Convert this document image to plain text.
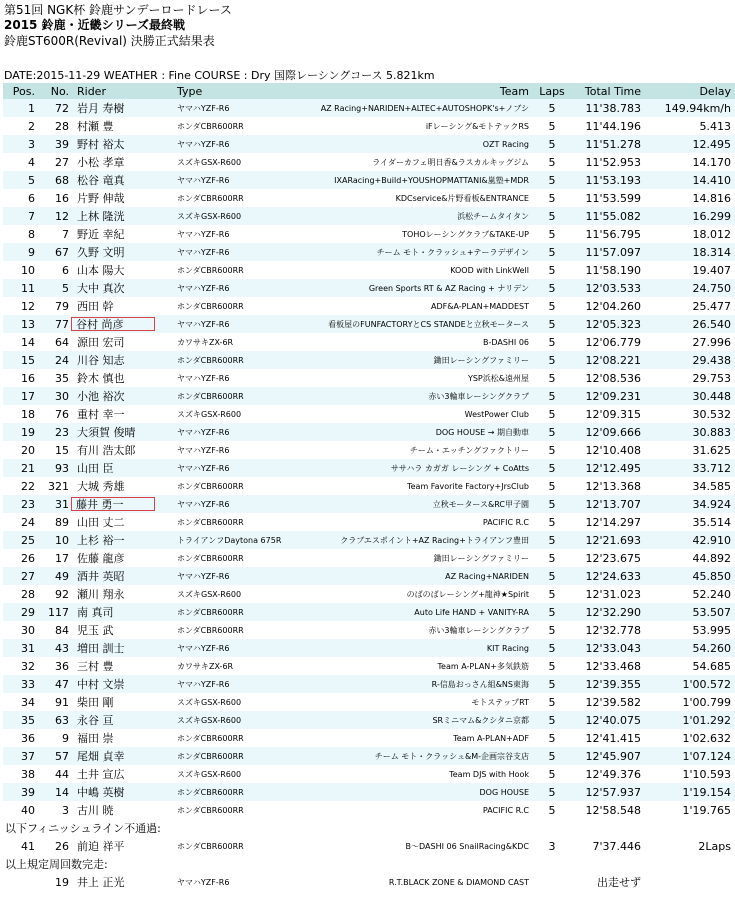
第51回 NGK杯 鈴鹿サンデーロードレース
2015 鈴鹿・近畿シリーズ最終戦
鈴鹿ST600R(Revival) 決勝正式結果表
DATE:2015-11-29 WEATHER : Fine COURSE : Dry 国際レーシングコース 5.821km
Pos.	No.	Rider	Type	Team	Laps	Total Time	Delay
1	72	岩月 寿樹	ヤマハYZF-R6	AZ Racing+NARIDEN+ALTEC+AUTOSHOPK's+ノブシ	5	11'38.783	149.94km/h
2	28	村瀬 豊	ホンダCBR600RR	iFレーシング&モトテックRS	5	11'44.196	5.413
3	39	野村 裕太	ヤマハYZF-R6	OZT Racing	5	11'51.278	12.495
4	27	小松 孝章	スズキGSX-R600	ライダーカフェ明日香&ラスカルキッグジム	5	11'52.953	14.170
5	68	松谷 竜真	ヤマハYZF-R6	IXARacing+Build+YOUSHOPMATTANI&嵐塾+MDR	5	11'53.193	14.410
6	16	片野 伸哉	ホンダCBR600RR	KDCservice&片野看板&ENTRANCE	5	11'53.599	14.816
7	12	上林 隆洸	スズキGSX-R600	浜松チームタイタン	5	11'55.082	16.299
8	7	野近 幸紀	ヤマハYZF-R6	TOHOレーシングクラブ&TAKE-UP	5	11'56.795	18.012
9	67	久野 文明	ヤマハYZF-R6	チーム モト・クラッシュ+テーラデザイン	5	11'57.097	18.314
10	6	山本 陽大	ホンダCBR600RR	KOOD with LinkWell	5	11'58.190	19.407
11	5	大中 真次	ヤマハYZF-R6	Green Sports RT & AZ Racing + ナリデン	5	12'03.533	24.750
12	79	西田 幹	ホンダCBR600RR	ADF&A-PLAN+MADDEST	5	12'04.260	25.477
13	77	谷村 尚彦	ヤマハYZF-R6	看板屋のFUNFACTORYとCS STANDEと立秋モータース	5	12'05.323	26.540
14	64	源田 宏司	カワサキZX-6R	B-DASHI 06	5	12'06.779	27.996
15	24	川谷 知志	ホンダCBR600RR	鋤田レーシングファミリー	5	12'08.221	29.438
16	35	鈴木 慎也	ヤマハYZF-R6	YSP浜松&遠州屋	5	12'08.536	29.753
17	30	小池 裕次	ホンダCBR600RR	赤い3輪車レーシングクラブ	5	12'09.231	30.448
18	76	重村 幸一	スズキGSX-R600	WestPower Club	5	12'09.315	30.532
19	23	大須賀 俊晴	ヤマハYZF-R6	DOG HOUSE → 期自動車	5	12'09.666	30.883
20	15	有川 浩太郎	ヤマハYZF-R6	チーム・エッチングファクトリー	5	12'10.408	31.625
21	93	山田 臣	ヤマハYZF-R6	ササハラ カガガ レーシング + CoAtts	5	12'12.495	33.712
22	321	大城 秀雄	ホンダCBR600RR	Team Favorite Factory+JrsClub	5	12'13.368	34.585
23	31	藤井 勇一	ヤマハYZF-R6	立秋モータース&RC甲子園	5	12'13.707	34.924
24	89	山田 丈二	ホンダCBR600RR	PACIFIC R.C	5	12'14.297	35.514
25	10	上杉 裕一	トライアンフDaytona 675R	クラブエスポイント+AZ Racing+トライアンフ豊田	5	12'21.693	42.910
26	17	佐藤 龍彦	ホンダCBR600RR	鋤田レーシングファミリー	5	12'23.675	44.892
27	49	酒井 英昭	ヤマハYZF-R6	AZ Racing+NARIDEN	5	12'24.633	45.850
28	92	瀬川 翔永	スズキGSX-R600	のばのばレーシング+龍神★Spirit	5	12'31.023	52.240
29	117	南 真司	ホンダCBR600RR	Auto Life HAND + VANITY-RA	5	12'32.290	53.507
30	84	児玉 武	ホンダCBR600RR	赤い3輪車レーシングクラブ	5	12'32.778	53.995
31	43	増田 訓士	ヤマハYZF-R6	KIT Racing	5	12'33.043	54.260
32	36	三村 豊	カワサキZX-6R	Team A-PLAN+多気鉄筋	5	12'33.468	54.685
33	47	中村 文崇	ヤマハYZF-R6	R-信島おっさん組&NS東海	5	12'39.355	1'00.572
34	91	柴田 剛	スズキGSX-R600	モトステップRT	5	12'39.582	1'00.799
35	63	永谷 亘	スズキGSX-R600	SRミニマム&クシタニ京都	5	12'40.075	1'01.292
36	9	福田 崇	ホンダCBR600RR	Team A-PLAN+ADF	5	12'41.415	1'02.632
37	57	尾畑 貞幸	ホンダCBR600RR	チーム モト・クラッシュ&M-企画宗谷支店	5	12'45.907	1'07.124
38	44	土井 宣広	スズキGSX-R600	Team DJS with Hook	5	12'49.376	1'10.593
39	14	中嶋 英樹	ホンダCBR600RR	DOG HOUSE	5	12'57.937	1'19.154
40	3	古川 暁	ホンダCBR600RR	PACIFIC R.C	5	12'58.548	1'19.765
以下フィニッシュライン不通過:							
41	26	前迫 祥平	ホンダCBR600RR	B〜DASHI 06 SnailRacing&KDC	3	7'37.446	2Laps
以上規定周回数完走:							
	19	井上 正光	ヤマハYZF-R6	R.T.BLACK ZONE & DIAMOND CAST		出走せず	
